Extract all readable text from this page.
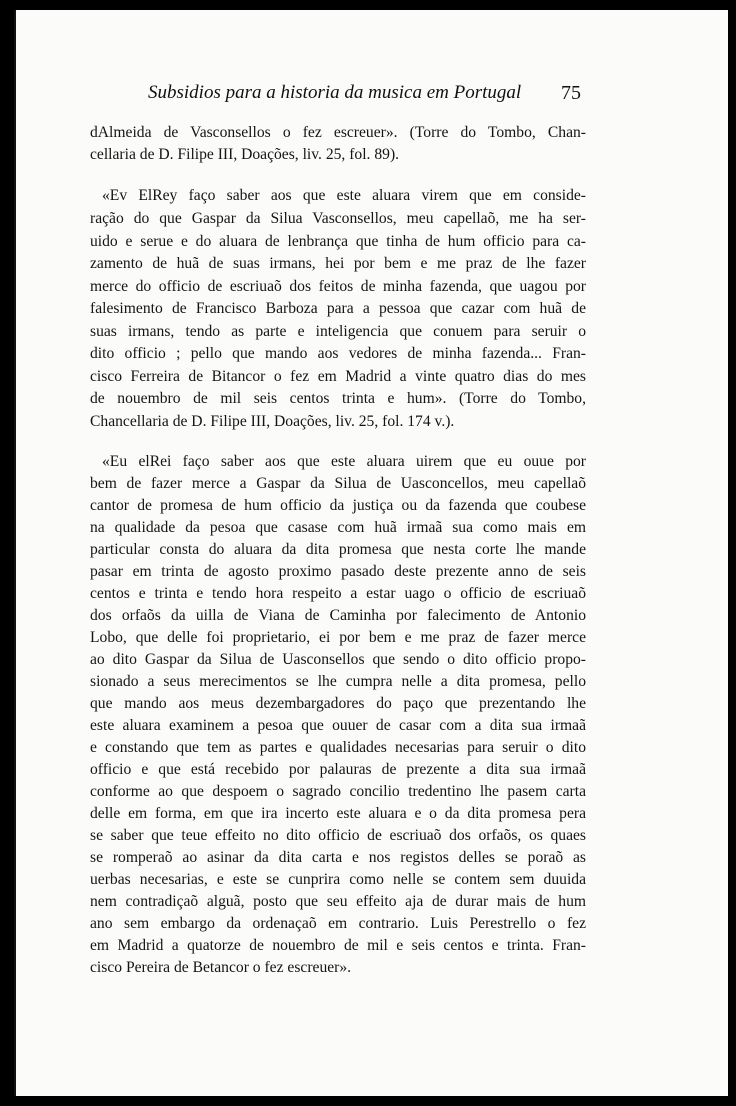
Subsidios para a historia da musica em Portugal	75
dAlmeida de Vasconsellos o fez escreuer». (Torre do Tombo, Chan-
cellaria de D. Filipe III, Doações, liv. 25, fol. 89).
«Ev ElRey faço saber aos que este aluara virem que em conside-
ração do que Gaspar da Silua Vasconsellos, meu capellaõ, me ha ser-
uido e serue e do aluara de lenbrança que tinha de hum officio para ca-
zamento de huã de suas irmans, hei por bem e me praz de lhe fazer
merce do officio de escriuaõ dos feitos de minha fazenda, que uagou por
falesimento de Francisco Barboza para a pessoa que cazar com huã de
suas irmans, tendo as parte e inteligencia que conuem para seruir o
dito officio ; pello que mando aos vedores de minha fazenda... Fran-
cisco Ferreira de Bitancor o fez em Madrid a vinte quatro dias do mes
de nouembro de mil seis centos trinta e hum». (Torre do Tombo,
Chancellaria de D. Filipe III, Doações, liv. 25, fol. 174 v.).
«Eu elRei faço saber aos que este aluara uirem que eu ouue por
bem de fazer merce a Gaspar da Silua de Uasconcellos, meu capellaõ
cantor de promesa de hum officio da justiça ou da fazenda que coubese
na qualidade da pesoa que casase com huã irmaã sua como mais em
particular consta do aluara da dita promesa que nesta corte lhe mande
pasar em trinta de agosto proximo pasado deste prezente anno de seis
centos e trinta e tendo hora respeito a estar uago o officio de escriuaõ
dos orfaõs da uilla de Viana de Caminha por falecimento de Antonio
Lobo, que delle foi proprietario, ei por bem e me praz de fazer merce
ao dito Gaspar da Silua de Uasconsellos que sendo o dito officio propo-
sionado a seus merecimentos se lhe cumpra nelle a dita promesa, pello
que mando aos meus dezembargadores do paço que prezentando lhe
este aluara examinem a pesoa que ouuer de casar com a dita sua irmaã
e constando que tem as partes e qualidades necesarias para seruir o dito
officio e que está recebido por palauras de prezente a dita sua irmaã
conforme ao que despoem o sagrado concilio tredentino lhe pasem carta
delle em forma, em que ira incerto este aluara e o da dita promesa pera
se saber que teue effeito no dito officio de escriuaõ dos orfaõs, os quaes
se romperaõ ao asinar da dita carta e nos registos delles se poraõ as
uerbas necesarias, e este se cunprira como nelle se contem sem duuida
nem contradiçaõ alguã, posto que seu effeito aja de durar mais de hum
ano sem embargo da ordenaçaõ em contrario. Luis Perestrello o fez
em Madrid a quatorze de nouembro de mil e seis centos e trinta. Fran-
cisco Pereira de Betancor o fez escreuer».
